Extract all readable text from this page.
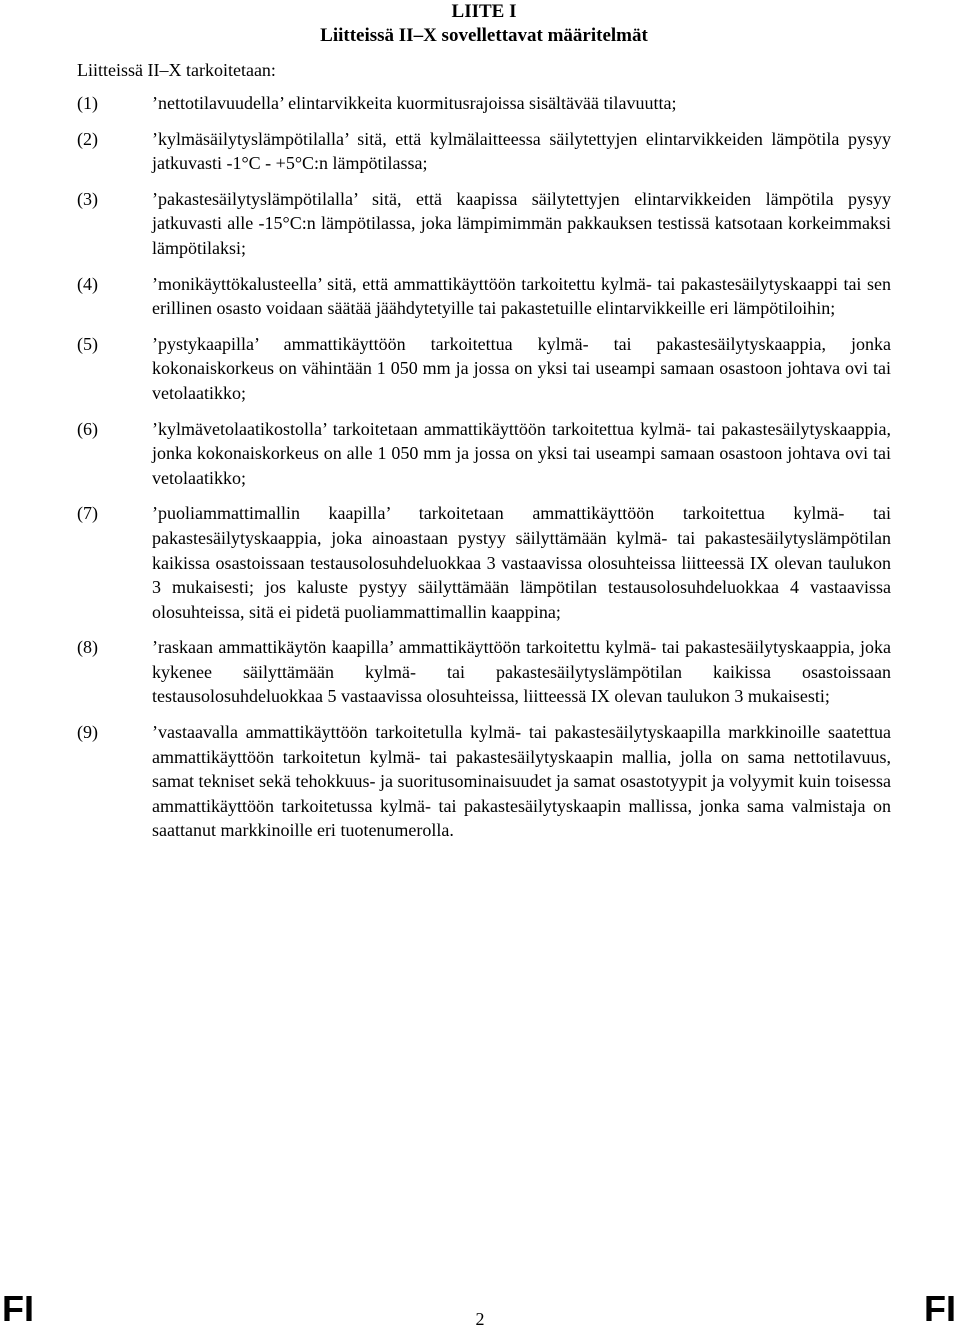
LIITE I
Liitteissä II–X sovellettavat määritelmät
Liitteissä II–X tarkoitetaan:
(1)	’nettotilavuudella’ elintarvikkeita kuormitusrajoissa sisältävää tilavuutta;
(2)	’kylmäsäilytyslämpötilalla’ sitä, että kylmälaitteessa säilytettyjen elintarvikkeiden lämpötila pysyy jatkuvasti -1°C - +5°C:n lämpötilassa;
(3)	’pakastesäilytyslämpötilalla’ sitä, että kaapissa säilytettyjen elintarvikkeiden lämpötila pysyy jatkuvasti alle -15°C:n lämpötilassa, joka lämpimimmän pakkauksen testissä katsotaan korkeimmaksi lämpötilaksi;
(4)	’monikäyttökalusteella’ sitä, että ammattikäyttöön tarkoitettu kylmä- tai pakastesäilytyskaappi tai sen erillinen osasto voidaan säätää jäähdytetyille tai pakastetuille elintarvikkeille eri lämpötiloihin;
(5)	’pystykaapilla’ ammattikäyttöön tarkoitettua kylmä- tai pakastesäilytyskaappia, jonka kokonaiskorkeus on vähintään 1 050 mm ja jossa on yksi tai useampi samaan osastoon johtava ovi tai vetolaatikko;
(6)	’kylmävetolaatikostolla’ tarkoitetaan ammattikäyttöön tarkoitettua kylmä- tai pakastesäilytyskaappia, jonka kokonaiskorkeus on alle 1 050 mm ja jossa on yksi tai useampi samaan osastoon johtava ovi tai vetolaatikko;
(7)	’puoliammattimallin kaapilla’ tarkoitetaan ammattikäyttöön tarkoitettua kylmä- tai pakastesäilytyskaappia, joka ainoastaan pystyy säilyttämään kylmä- tai pakastesäilytyslämpötilan kaikissa osastoissaan testausolosuhdeluokkaa 3 vastaavissa olosuhteissa liitteessä IX olevan taulukon 3 mukaisesti; jos kaluste pystyy säilyttämään lämpötilan testausolosuhdeluokkaa 4 vastaavissa olosuhteissa, sitä ei pidetä puoliammattimallin kaappina;
(8)	’raskaan ammattikäytön kaapilla’ ammattikäyttöön tarkoitettu kylmä- tai pakastesäilytyskaappia, joka kykenee säilyttämään kylmä- tai pakastesäilytyslämpötilan kaikissa osastoissaan testausolosuhdeluokkaa 5 vastaavissa olosuhteissa, liitteessä IX olevan taulukon 3 mukaisesti;
(9)	’vastaavalla ammattikäyttöön tarkoitetulla kylmä- tai pakastesäilytyskaapilla markkinoille saatettua ammattikäyttöön tarkoitetun kylmä- tai pakastesäilytyskaapin mallia, jolla on sama nettotilavuus, samat tekniset sekä tehokkuus- ja suoritusominaisuudet ja samat osastotyypit ja volyymit kuin toisessa ammattikäyttöön tarkoitetussa kylmä- tai pakastesäilytyskaapin mallissa, jonka sama valmistaja on saattanut markkinoille eri tuotenumerolla.
FI	2	FI
